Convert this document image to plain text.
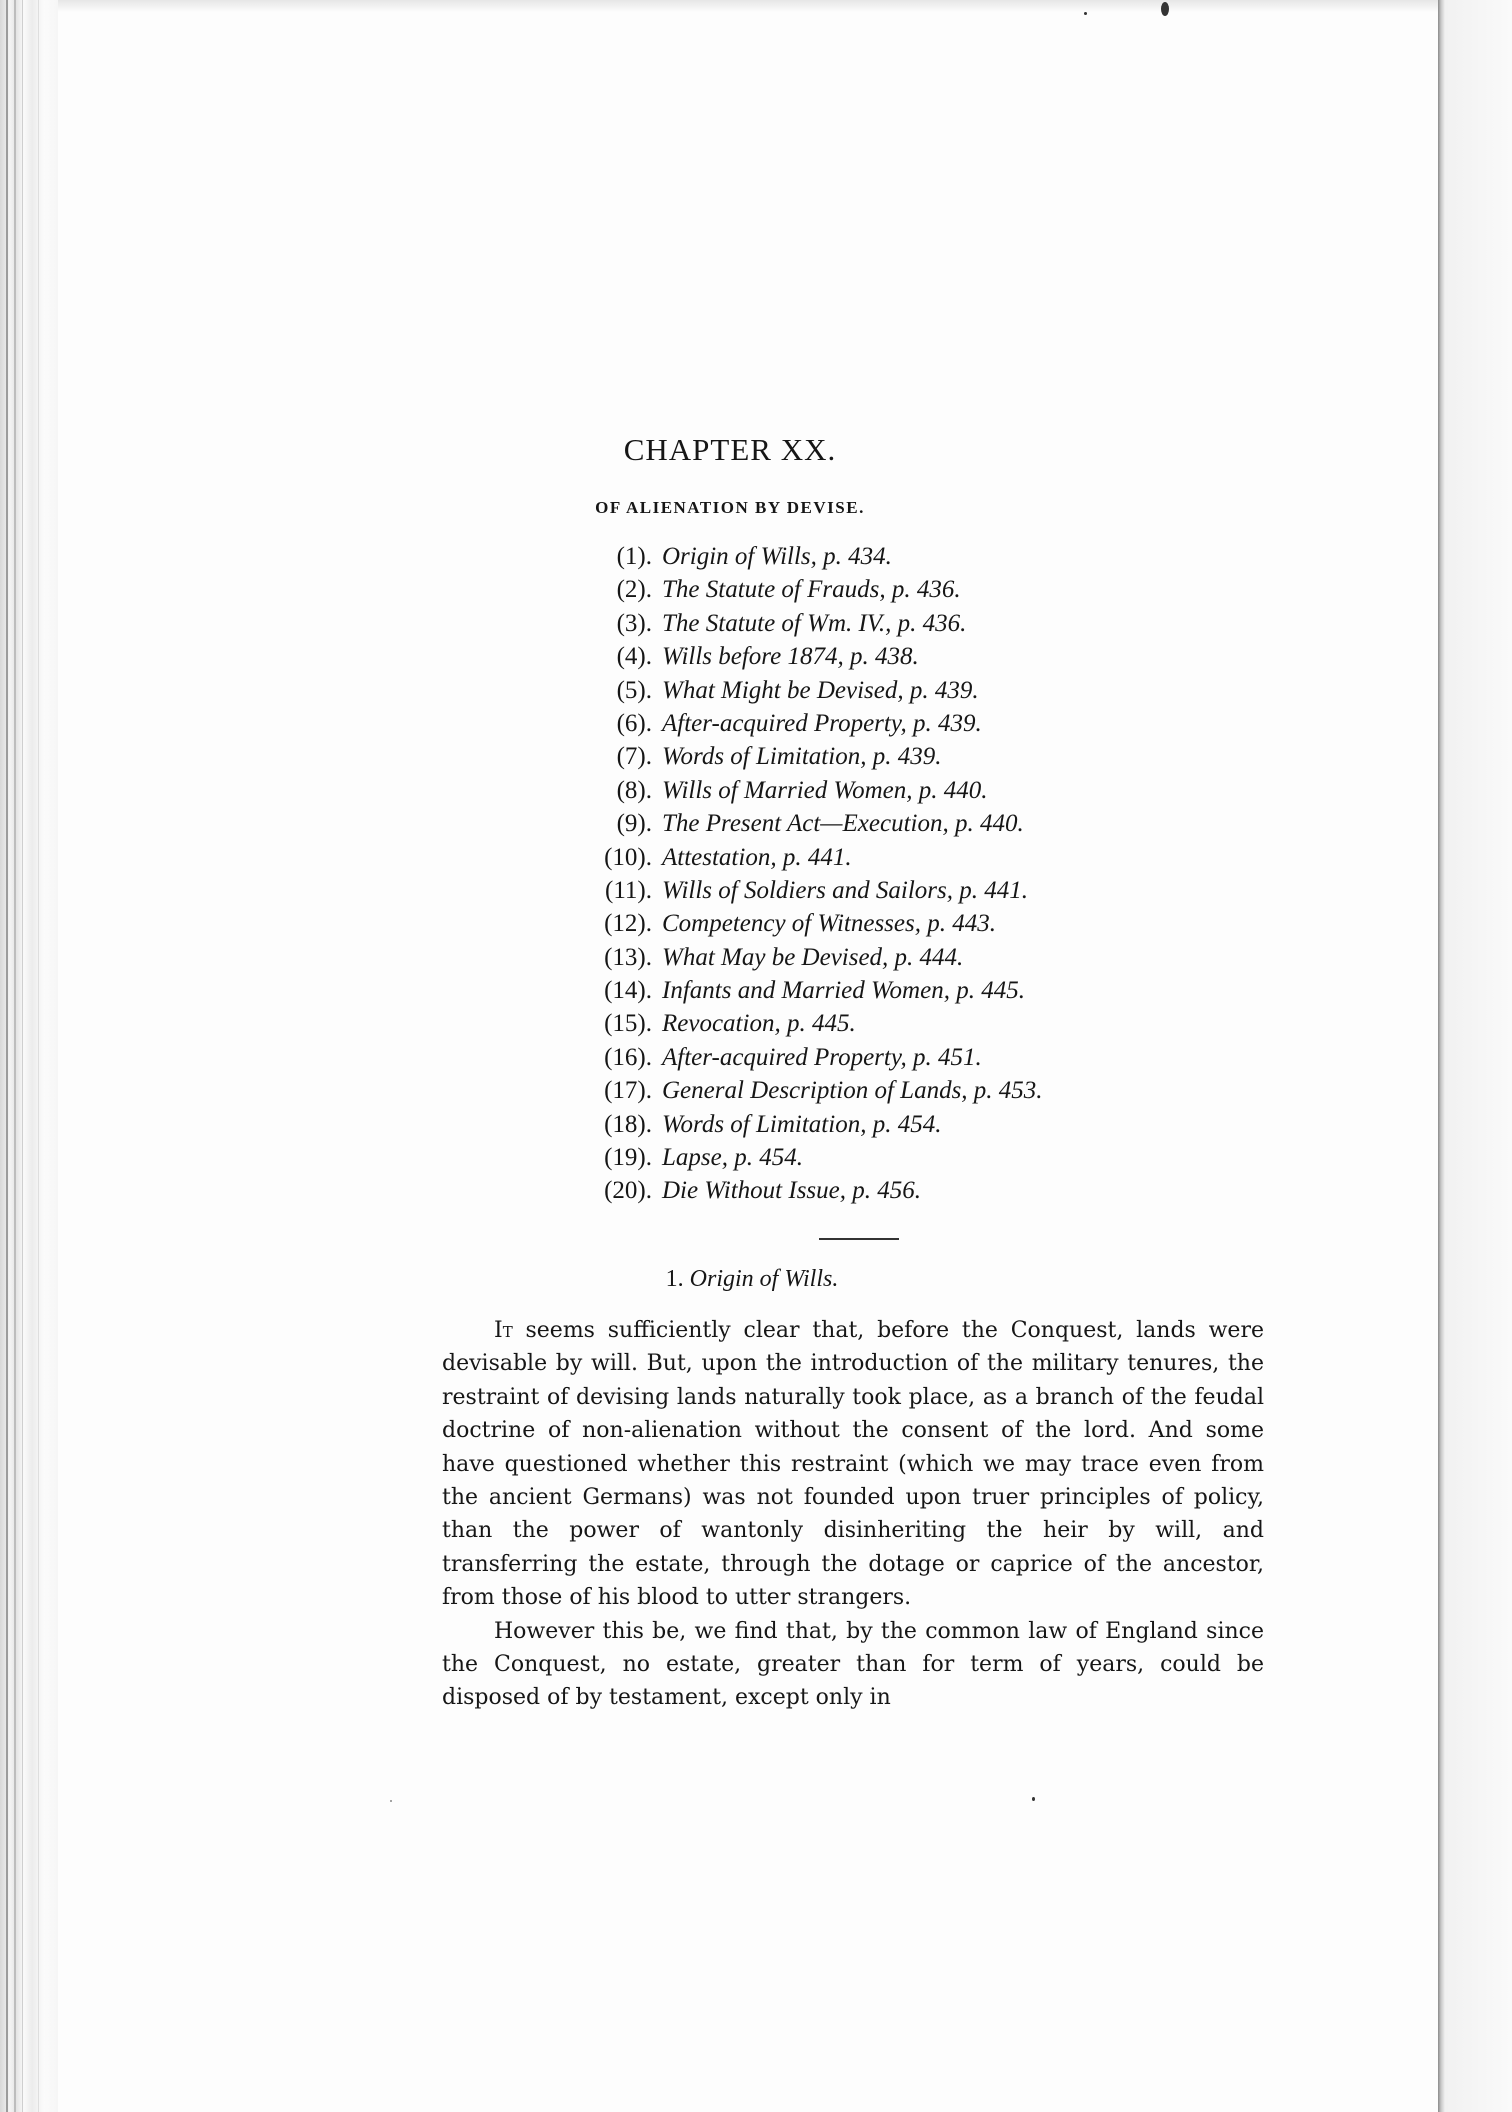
CHAPTER XX.
OF ALIENATION BY DEVISE.
(1). Origin of Wills, p. 434.
(2). The Statute of Frauds, p. 436.
(3). The Statute of Wm. IV., p. 436.
(4). Wills before 1874, p. 438.
(5). What Might be Devised, p. 439.
(6). After-acquired Property, p. 439.
(7). Words of Limitation, p. 439.
(8). Wills of Married Women, p. 440.
(9). The Present Act—Execution, p. 440.
(10). Attestation, p. 441.
(11). Wills of Soldiers and Sailors, p. 441.
(12). Competency of Witnesses, p. 443.
(13). What May be Devised, p. 444.
(14). Infants and Married Women, p. 445.
(15). Revocation, p. 445.
(16). After-acquired Property, p. 451.
(17). General Description of Lands, p. 453.
(18). Words of Limitation, p. 454.
(19). Lapse, p. 454.
(20). Die Without Issue, p. 456.
1. Origin of Wills.

It seems sufficiently clear that, before the Conquest, lands were devisable by will. But, upon the introduction of the military tenures, the restraint of devising lands naturally took place, as a branch of the feudal doctrine of non-alienation without the consent of the lord. And some have questioned whether this restraint (which we may trace even from the ancient Germans) was not founded upon truer principles of policy, than the power of wantonly disinheriting the heir by will, and transferring the estate, through the dotage or caprice of the ancestor, from those of his blood to utter strangers.

However this be, we find that, by the common law of England since the Conquest, no estate, greater than for term of years, could be disposed of by testament, except only in
